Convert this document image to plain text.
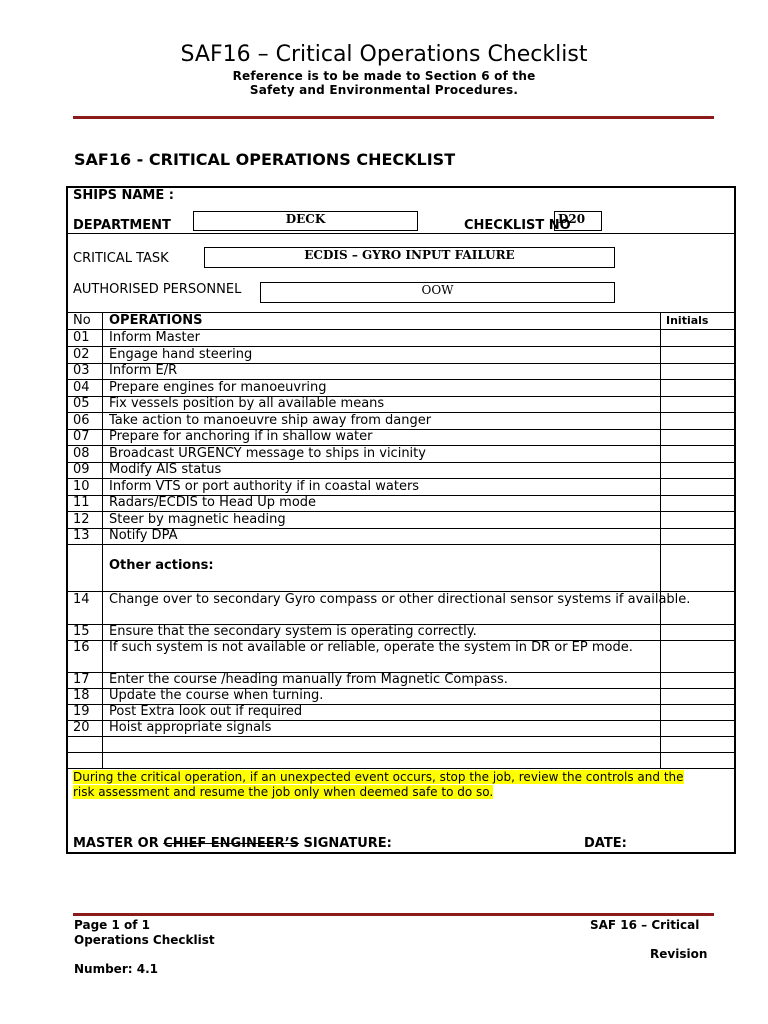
SAF16 – Critical Operations Checklist
Reference is to be made to Section 6 of the
Safety and Environmental Procedures.
SAF16 - CRITICAL OPERATIONS CHECKLIST
SHIPS NAME :
DEPARTMENT	DECK	CHECKLIST NO
D20
CRITICAL TASK	ECDIS – GYRO INPUT FAILURE
AUTHORISED PERSONNEL	OOW
No OPERATIONS	Initials
01 Inform Master
02 Engage hand steering
03 Inform E/R
04 Prepare engines for manoeuvring
05 Fix vessels position by all available means
06 Take action to manoeuvre ship away from danger
07 Prepare for anchoring if in shallow water
08 Broadcast URGENCY message to ships in vicinity
09 Modify AIS status
10 Inform VTS or port authority if in coastal waters
11 Radars/ECDIS to Head Up mode
12 Steer by magnetic heading
13 Notify DPA
Other actions:
14 Change over to secondary Gyro compass or other directional sensor systems if available.
15 Ensure that the secondary system is operating correctly.
16 If such system is not available or reliable, operate the system in DR or EP mode.
17 Enter the course /heading manually from Magnetic Compass.
18 Update the course when turning.
19 Post Extra look out if required
20 Hoist appropriate signals
During the critical operation, if an unexpected event occurs, stop the job, review the controls and the
risk assessment and resume the job only when deemed safe to do so.
MASTER OR CHIEF ENGINEER’S SIGNATURE:	DATE:
Page 1 of 1	SAF 16 – Critical
Operations Checklist
Revision
Number: 4.1
